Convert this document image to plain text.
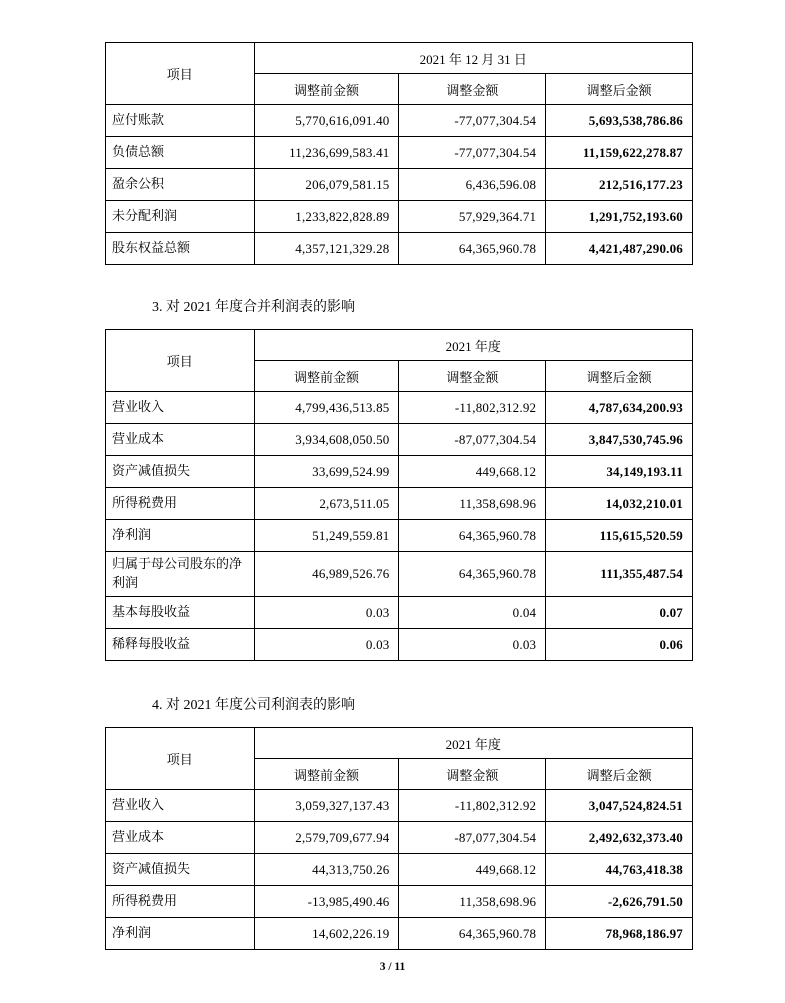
项目	2021 年 12 月 31 日		
	调整前金额	调整金额	调整后金额
应付账款	5,770,616,091.40	-77,077,304.54	5,693,538,786.86
负债总额	11,236,699,583.41	-77,077,304.54	11,159,622,278.87
盈余公积	206,079,581.15	6,436,596.08	212,516,177.23
未分配利润	1,233,822,828.89	57,929,364.71	1,291,752,193.60
股东权益总额	4,357,121,329.28	64,365,960.78	4,421,487,290.06
3. 对 2021 年度合并利润表的影响
项目	2021 年度		
	调整前金额	调整金额	调整后金额
营业收入	4,799,436,513.85	-11,802,312.92	4,787,634,200.93
营业成本	3,934,608,050.50	-87,077,304.54	3,847,530,745.96
资产减值损失	33,699,524.99	449,668.12	34,149,193.11
所得税费用	2,673,511.05	11,358,698.96	14,032,210.01
净利润	51,249,559.81	64,365,960.78	115,615,520.59
归属于母公司股东的净利润	46,989,526.76	64,365,960.78	111,355,487.54
基本每股收益	0.03	0.04	0.07
稀释每股收益	0.03	0.03	0.06
4. 对 2021 年度公司利润表的影响
项目	2021 年度		
	调整前金额	调整金额	调整后金额
营业收入	3,059,327,137.43	-11,802,312.92	3,047,524,824.51
营业成本	2,579,709,677.94	-87,077,304.54	2,492,632,373.40
资产减值损失	44,313,750.26	449,668.12	44,763,418.38
所得税费用	-13,985,490.46	11,358,698.96	-2,626,791.50
净利润	14,602,226.19	64,365,960.78	78,968,186.97
3 / 11
